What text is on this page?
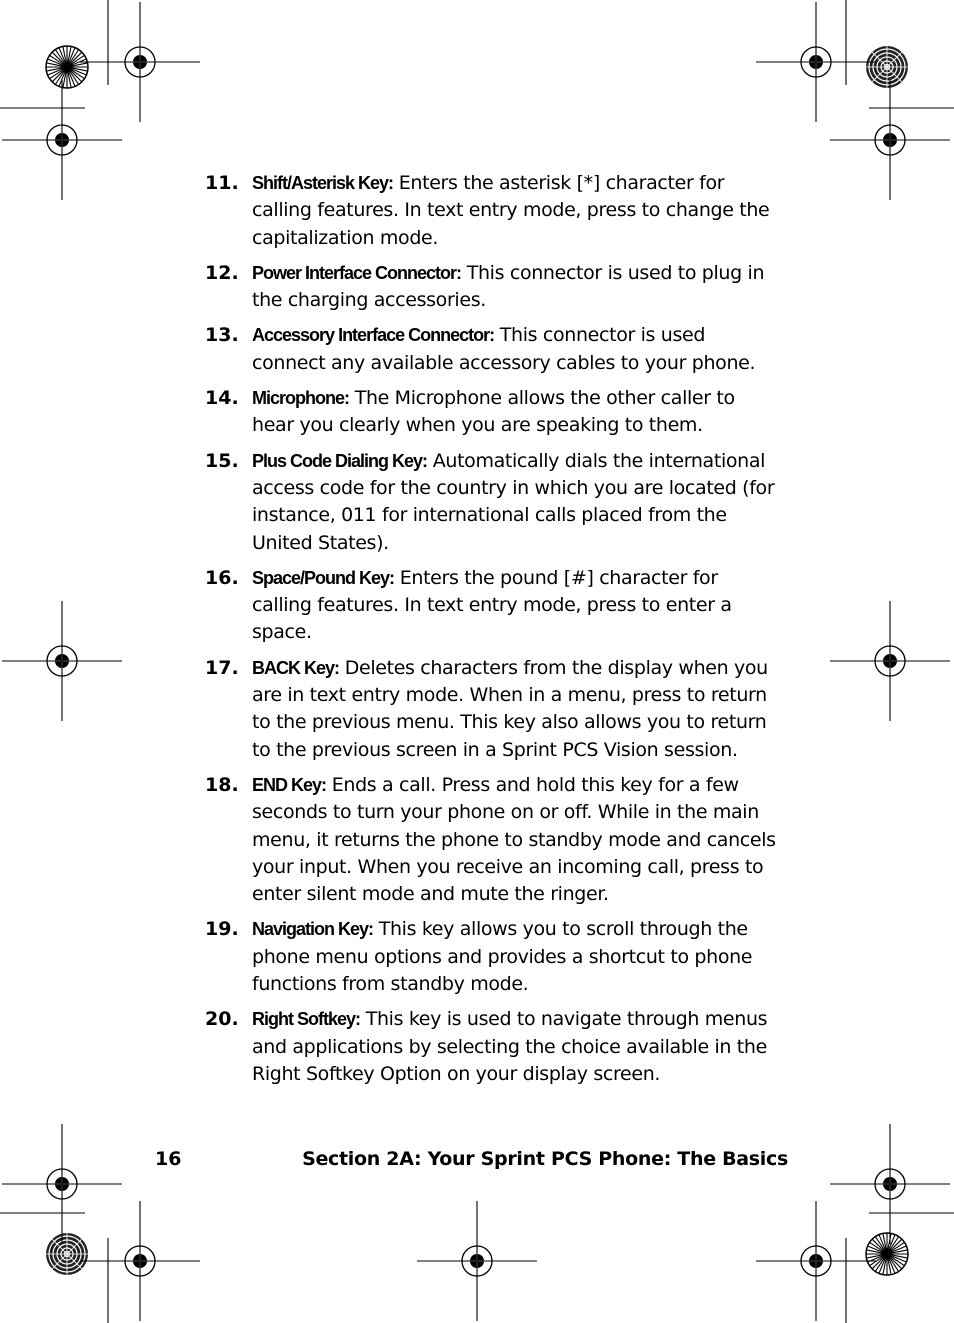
11. Shift/Asterisk Key: Enters the asterisk [*] character for calling features. In text entry mode, press to change the capitalization mode.
12. Power Interface Connector: This connector is used to plug in the charging accessories.
13. Accessory Interface Connector: This connector is used connect any available accessory cables to your phone.
14. Microphone: The Microphone allows the other caller to hear you clearly when you are speaking to them.
15. Plus Code Dialing Key: Automatically dials the international access code for the country in which you are located (for instance, 011 for international calls placed from the United States).
16. Space/Pound Key: Enters the pound [#] character for calling features. In text entry mode, press to enter a space.
17. BACK Key: Deletes characters from the display when you are in text entry mode. When in a menu, press to return to the previous menu. This key also allows you to return to the previous screen in a Sprint PCS Vision session.
18. END Key: Ends a call. Press and hold this key for a few seconds to turn your phone on or off. While in the main menu, it returns the phone to standby mode and cancels your input. When you receive an incoming call, press to enter silent mode and mute the ringer.
19. Navigation Key: This key allows you to scroll through the phone menu options and provides a shortcut to phone functions from standby mode.
20. Right Softkey: This key is used to navigate through menus and applications by selecting the choice available in the Right Softkey Option on your display screen.
16	Section 2A: Your Sprint PCS Phone: The Basics
